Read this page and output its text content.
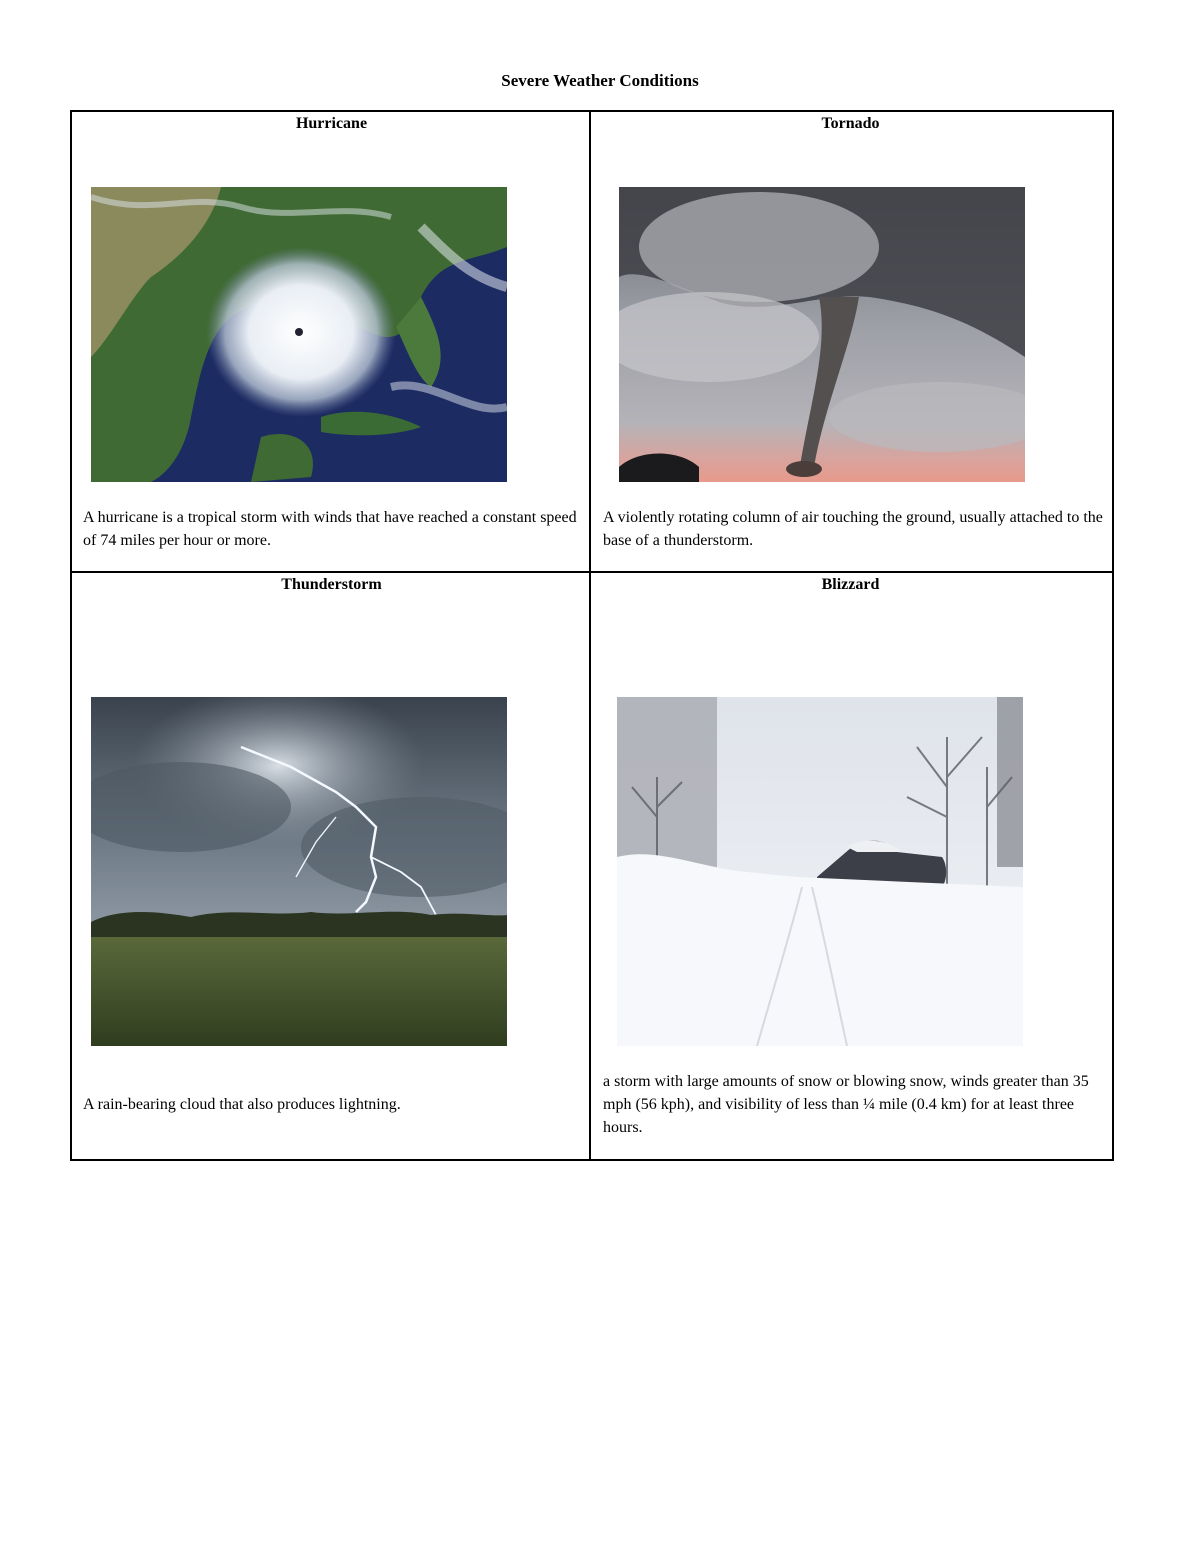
Severe Weather Conditions
Hurricane
A hurricane is a tropical storm with winds that have reached a constant speed of 74 miles per hour or more.
Tornado
A violently rotating column of air touching the ground, usually attached to the base of a thunderstorm.
Thunderstorm
A rain-bearing cloud that also produces lightning.
Blizzard
a storm with large amounts of snow or blowing snow, winds greater than 35 mph (56 kph), and visibility of less than ¼ mile (0.4 km) for at least three hours.
